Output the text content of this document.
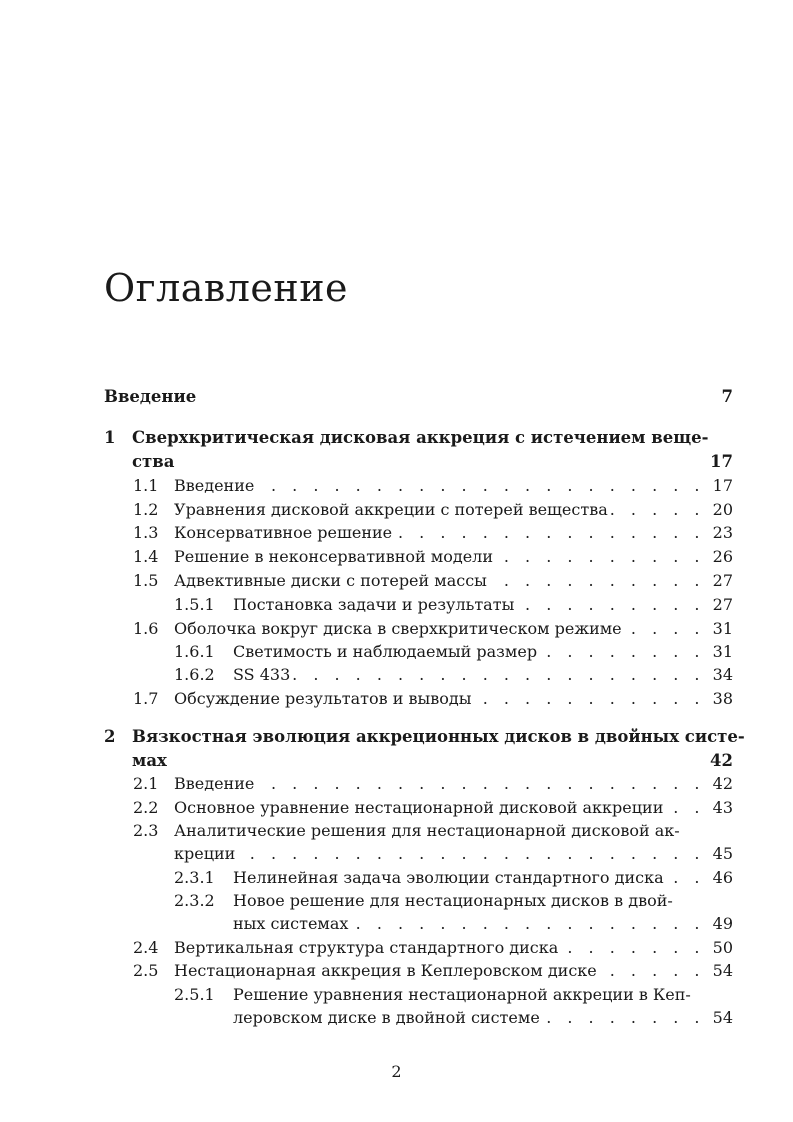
Оглавление
Введение	7
1	Сверхкритическая дисковая аккреция с истечением веще-
ства	17
1.1 Введение . . .	17
1.2 Уравнения дисковой аккреции с потерей вещества . . .	20
1.3 Консервативное решение . . .	23
1.4 Решение в неконсервативной модели . . .	26
1.5 Адвективные диски с потерей массы . . .	27
1.5.1	Постановка задачи и результаты . . .	27
1.6 Оболочка вокруг диска в сверхкритическом режиме . . .	31
1.6.1	Светимость и наблюдаемый размер . . .	31
1.6.2	SS 433 . . .	34
1.7 Обсуждение результатов и выводы . . .	38
2	Вязкостная эволюция аккреционных дисков в двойных систе-
мах	42
2.1 Введение . . .	42
2.2 Основное уравнение нестационарной дисковой аккреции . . .	43
2.3 Аналитические решения для нестационарной дисковой ак-
креции . . .	45
2.3.1	Нелинейная задача эволюции стандартного диска . . .	46
2.3.2	Новое решение для нестационарных дисков в двой-
ных системах . . .	49
2.4 Вертикальная структура стандартного диска . . .	50
2.5 Нестационарная аккреция в Кеплеровском диске . . .	54
2.5.1	Решение уравнения нестационарной аккреции в Кеп-
леровском диске в двойной системе . . .	54
2
